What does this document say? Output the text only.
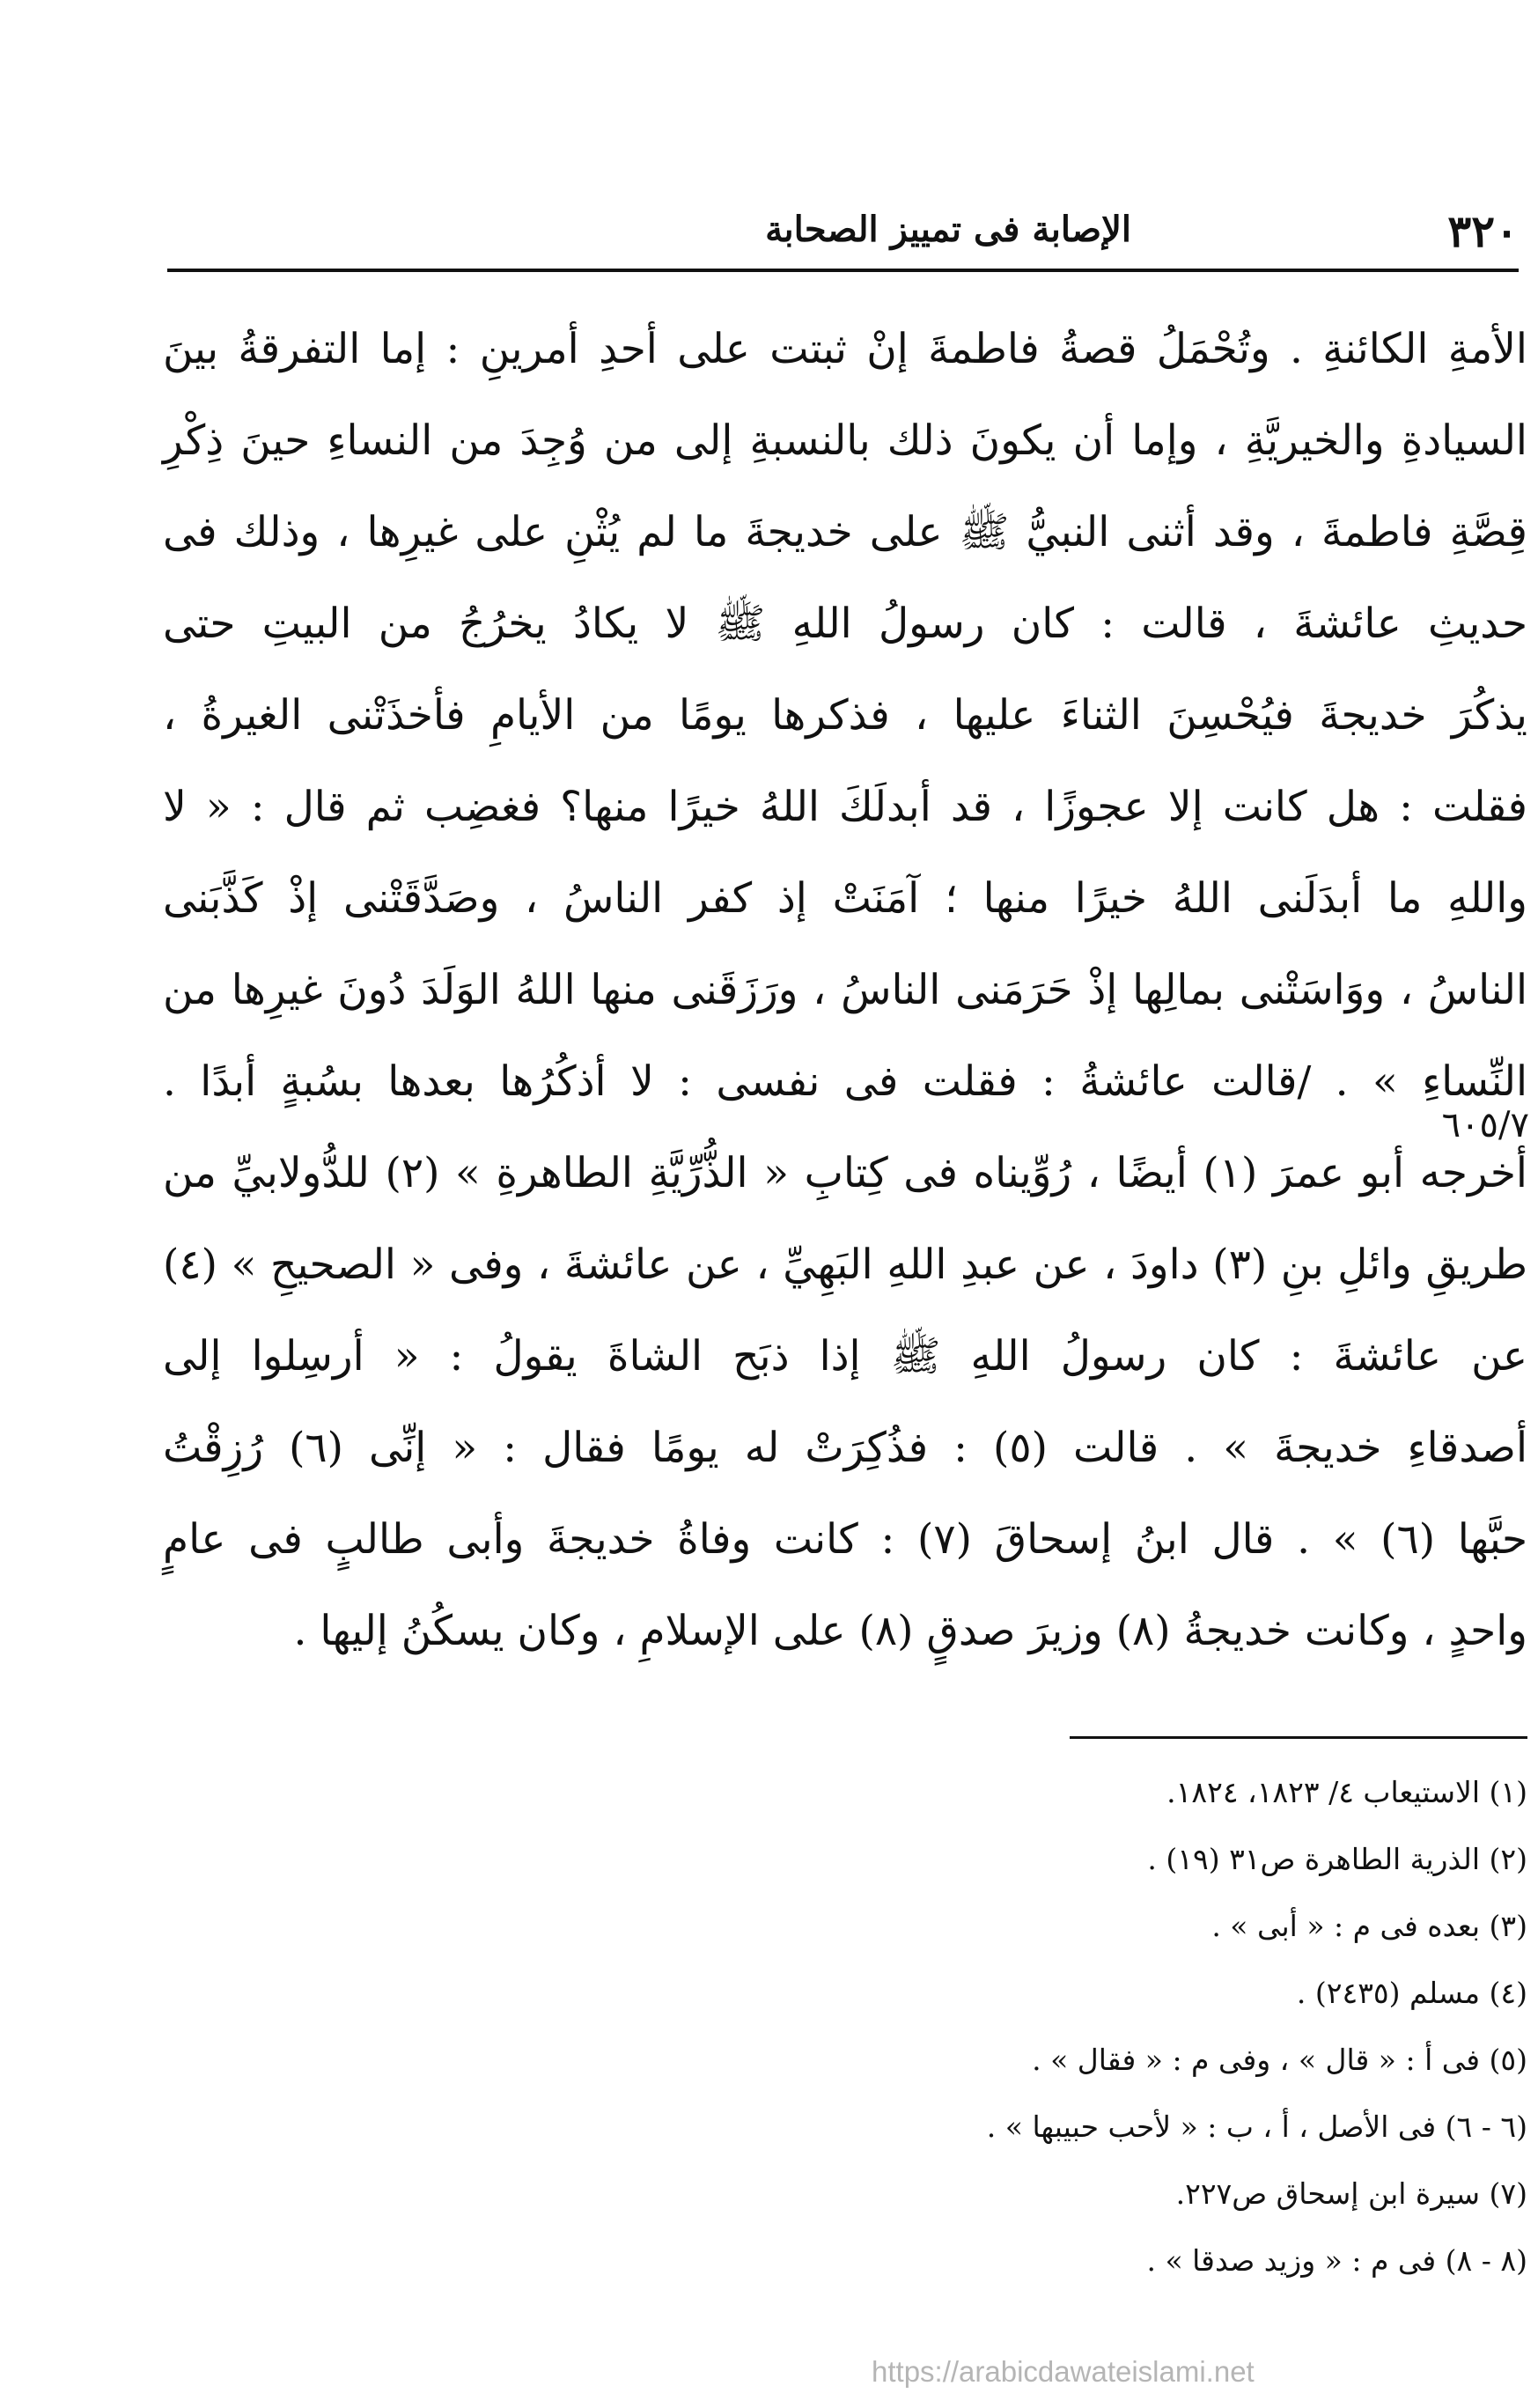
٣٢٠
الإصابة فى تمييز الصحابة
الأمةِ الكائنةِ . وتُحْمَلُ قصةُ فاطمةَ إنْ ثبتت على أحدِ أمرينِ : إما التفرقةُ بينَ
السيادةِ والخيريَّةِ ، وإما أن يكونَ ذلك بالنسبةِ إلى من وُجِدَ من النساءِ حينَ ذِكْرِ
قِصَّةِ فاطمةَ ، وقد أثنى النبيُّ ﷺ على خديجةَ ما لم يُثْنِ على غيرِها ، وذلك فى
حديثِ عائشةَ ، قالت : كان رسولُ اللهِ ﷺ لا يكادُ يخرُجُ من البيتِ حتى
يذكُرَ خديجةَ فيُحْسِنَ الثناءَ عليها ، فذكرها يومًا من الأيامِ فأخذَتْنى الغيرةُ ،
فقلت : هل كانت إلا عجوزًا ، قد أبدلَكَ اللهُ خيرًا منها؟ فغضِب ثم قال : « لا
واللهِ ما أبدَلَنى اللهُ خيرًا منها ؛ آمَنَتْ إذ كفر الناسُ ، وصَدَّقَتْنى إذْ كَذَّبَنى
الناسُ ، ووَاسَتْنى بمالِها إذْ حَرَمَنى الناسُ ، ورَزَقَنى منها اللهُ الوَلَدَ دُونَ غيرِها من
النِّساءِ » . /قالت عائشةُ : فقلت فى نفسى : لا أذكُرُها بعدها بسُبةٍ أبدًا .
أخرجه أبو عمرَ (١) أيضًا ، رُوِّيناه فى كِتابِ « الذُّرِّيَّةِ الطاهرةِ » (٢) للدُّولابيِّ من
طريقِ وائلِ بنِ (٣) داودَ ، عن عبدِ اللهِ البَهِيِّ ، عن عائشةَ ، وفى « الصحيحِ » (٤)
عن عائشةَ : كان رسولُ اللهِ ﷺ إذا ذبَح الشاةَ يقولُ : « أرسِلوا إلى
أصدقاءِ خديجةَ » . قالت (٥) : فذُكِرَتْ له يومًا فقال : « إنِّى (٦) رُزِقْتُ
حبَّها (٦) » . قال ابنُ إسحاقَ (٧) : كانت وفاةُ خديجةَ وأبى طالبٍ فى عامٍ
واحدٍ ، وكانت خديجةُ (٨) وزيرَ صدقٍ (٨) على الإسلامِ ، وكان يسكُنُ إليها .
٦٠٥/٧
(١) الاستيعاب ٤/ ١٨٢٣، ١٨٢٤.
(٢) الذرية الطاهرة ص٣١ (١٩) .
(٣) بعده فى م : « أبى » .
(٤) مسلم (٢٤٣٥) .
(٥) فى أ : « قال » ، وفى م : « فقال » .
(٦ - ٦) فى الأصل ، أ ، ب : « لأحب حبيبها » .
(٧) سيرة ابن إسحاق ص٢٢٧.
(٨ - ٨) فى م : « وزيد صدقا » .
https://arabicdawateislami.net
